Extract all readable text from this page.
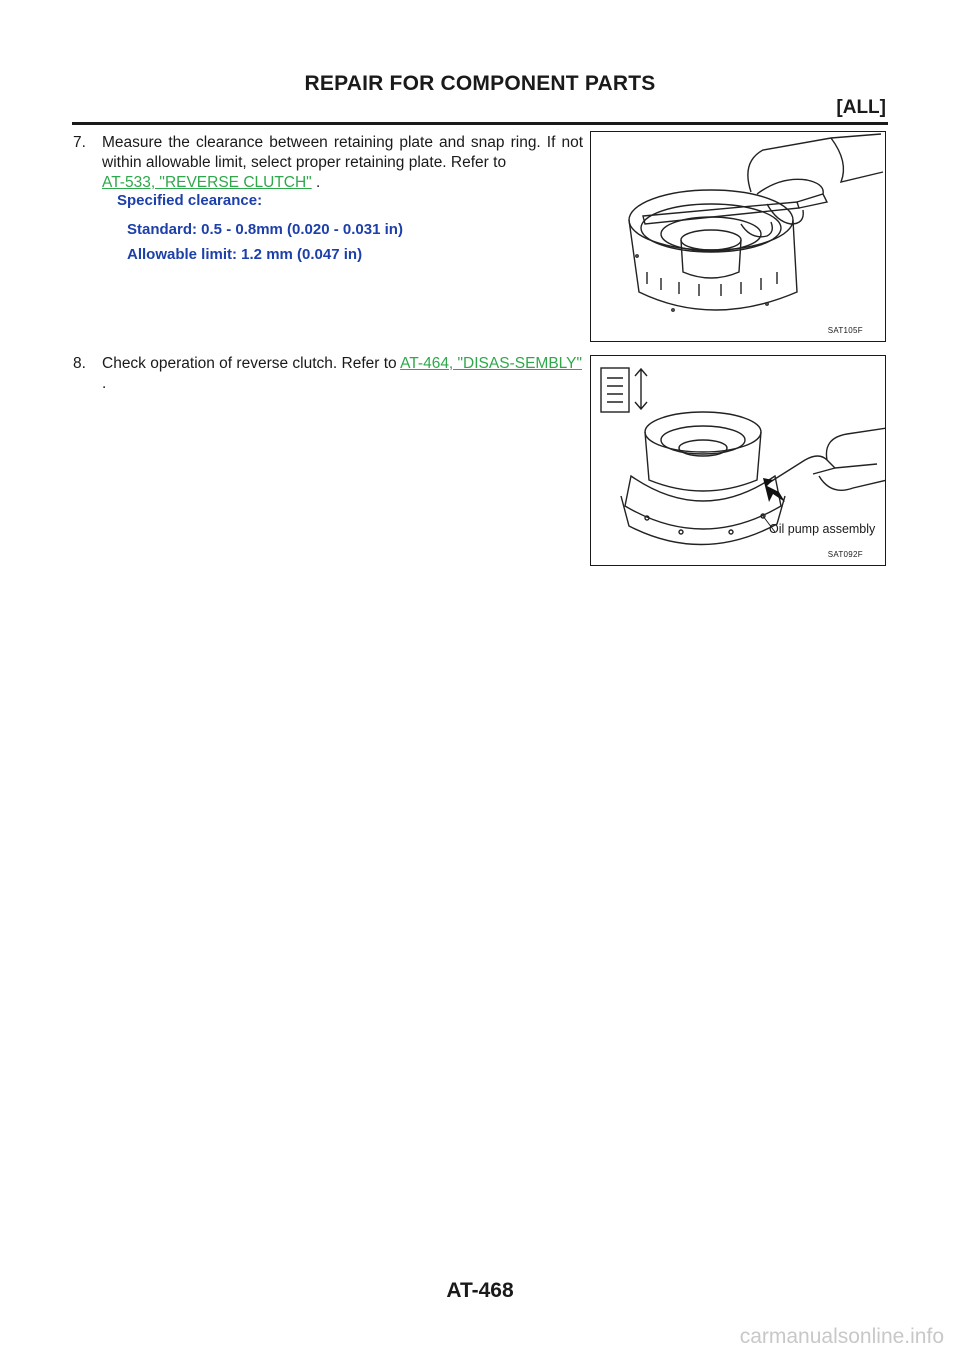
REPAIR FOR COMPONENT PARTS
[ALL]
7. Measure the clearance between retaining plate and snap ring. If not within allowable limit, select proper retaining plate. Refer to
AT-533, "REVERSE CLUTCH" .
Specified clearance:
Standard: 0.5 - 0.8mm (0.020 - 0.031 in)
Allowable limit: 1.2 mm (0.047 in)
8. Check operation of reverse clutch. Refer to AT-464, "DISAS-SEMBLY" .
SAT105F
Oil pump assembly
SAT092F
AT-468
carmanualsonline.info
